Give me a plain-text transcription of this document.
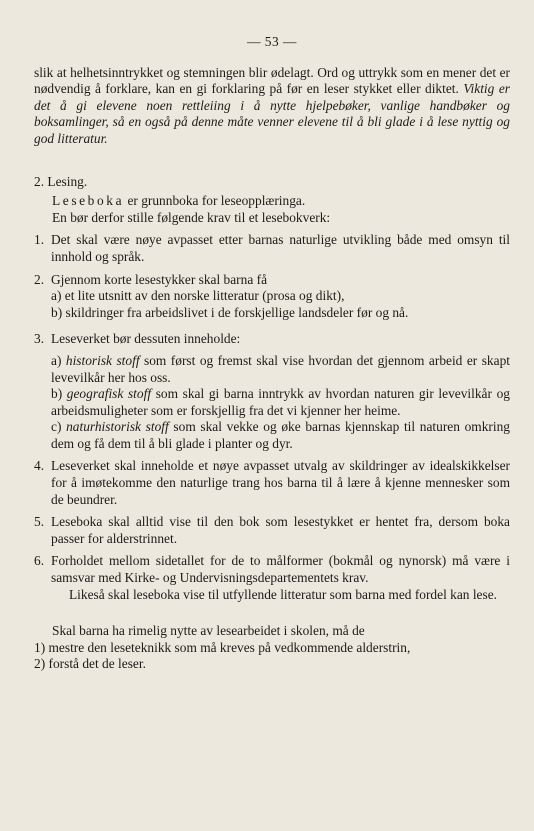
— 53 —

slik at helhetsinntrykket og stemningen blir ødelagt. Ord og uttrykk som en mener det er nødvendig å forklare, kan en gi forklaring på før en leser stykket eller diktet. Viktig er det å gi elevene noen rettleiing i å nytte hjelpebøker, vanlige handbøker og boksamlinger, så en også på denne måte venner elevene til å bli glade i å lese nyttig og god litteratur.

2. Lesing.

Leseboka er grunnboka for leseopplæringa.

En bør derfor stille følgende krav til et lesebokverk:

1. Det skal være nøye avpasset etter barnas naturlige utvikling både med omsyn til innhold og språk.
2. Gjennom korte lesestykker skal barna få
a) et lite utsnitt av den norske litteratur (prosa og dikt),
b) skildringer fra arbeidslivet i de forskjellige landsdeler før og nå.
3. Leseverket bør dessuten inneholde:
a) historisk stoff som først og fremst skal vise hvordan det gjennom arbeid er skapt levevilkår her hos oss.
b) geografisk stoff som skal gi barna inntrykk av hvordan naturen gir levevilkår og arbeidsmuligheter som er forskjellig fra det vi kjenner her heime.
c) naturhistorisk stoff som skal vekke og øke barnas kjennskap til naturen omkring dem og få dem til å bli glade i planter og dyr.
4. Leseverket skal inneholde et nøye avpasset utvalg av skildringer av idealskikkelser for å imøtekomme den naturlige trang hos barna til å lære å kjenne mennesker som de beundrer.
5. Leseboka skal alltid vise til den bok som lesestykket er hentet fra, dersom boka passer for alderstrinnet.
6. Forholdet mellom sidetallet for de to målformer (bokmål og nynorsk) må være i samsvar med Kirke- og Undervisningsdepartementets krav.
Likeså skal leseboka vise til utfyllende litteratur som barna med fordel kan lese.

Skal barna ha rimelig nytte av lesearbeidet i skolen, må de

1) mestre den leseteknikk som må kreves på vedkommende alderstrin,
2) forstå det de leser.
